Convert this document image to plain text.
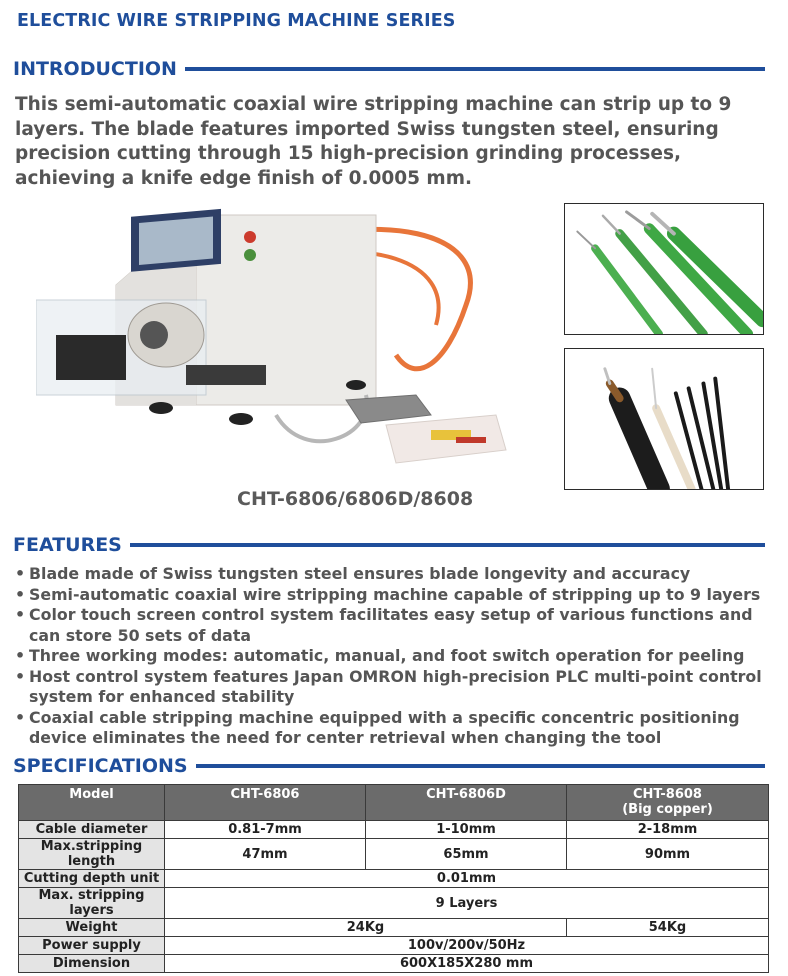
ELECTRIC WIRE STRIPPING MACHINE SERIES
INTRODUCTION

This semi-automatic coaxial wire stripping machine can strip up to 9 layers. The blade features imported Swiss tungsten steel, ensuring precision cutting through 15 high-precision grinding processes, achieving a knife edge finish of 0.0005 mm.

CHT-6806/6806D/8608
FEATURES
• Blade made of Swiss tungsten steel ensures blade longevity and accuracy
• Semi-automatic coaxial wire stripping machine capable of stripping up to 9 layers
• Color touch screen control system facilitates easy setup of various functions and can store 50 sets of data
• Three working modes: automatic, manual, and foot switch operation for peeling
• Host control system features Japan OMRON high-precision PLC multi-point control system for enhanced stability
• Coaxial cable stripping machine equipped with a specific concentric positioning device eliminates the need for center retrieval when changing the tool
SPECIFICATIONS
Model	CHT-6806	CHT-6806D	CHT-8608
(Big copper)
Cable diameter	0.81-7mm	1-10mm	2-18mm
Max.stripping length	47mm	65mm	90mm
Cutting depth unit	0.01mm		
Max. stripping layers	9 Layers		
Weight	24Kg		54Kg
Power supply	100v/200v/50Hz		
Dimension	600X185X280 mm		
